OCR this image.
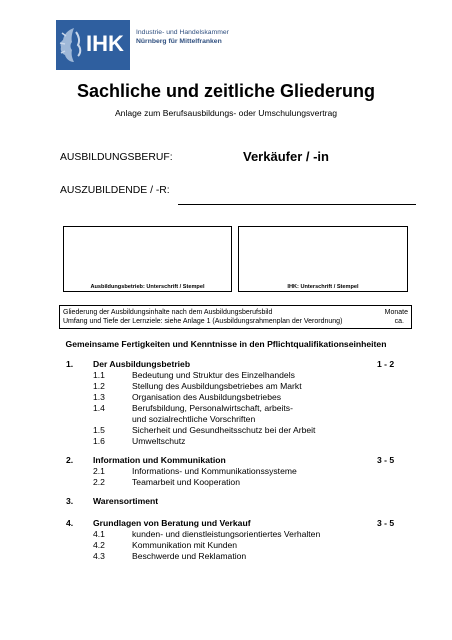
IHK Industrie- und Handelskammer
Nürnberg für Mittelfranken
Sachliche und zeitliche Gliederung
Anlage zum Berufsausbildungs- oder Umschulungsvertrag
AUSBILDUNGSBERUF:	Verkäufer / -in
AUSZUBILDENDE / -R:
Ausbildungsbetrieb: Unterschrift / Stempel	IHK: Unterschrift / Stempel
Gliederung der Ausbildungsinhalte nach dem Ausbildungsberufsbild	Monate
Umfang und Tiefe der Lernziele: siehe Anlage 1 (Ausbildungsrahmenplan der Verordnung)	ca.
Gemeinsame Fertigkeiten und Kenntnisse in den Pflichtqualifikationseinheiten
1. Der Ausbildungsbetrieb	1 - 2
1.1	Bedeutung und Struktur des Einzelhandels
1.2	Stellung des Ausbildungsbetriebes am Markt
1.3	Organisation des Ausbildungsbetriebes
1.4	Berufsbildung, Personalwirtschaft, arbeits-
und sozialrechtliche Vorschriften
1.5	Sicherheit und Gesundheitsschutz bei der Arbeit
1.6	Umweltschutz
2. Information und Kommunikation	3 - 5
2.1	Informations- und Kommunikationssysteme
2.2	Teamarbeit und Kooperation
3. Warensortiment
4. Grundlagen von Beratung und Verkauf	3 - 5
4.1	kunden- und dienstleistungsorientiertes Verhalten
4.2	Kommunikation mit Kunden
4.3	Beschwerde und Reklamation
